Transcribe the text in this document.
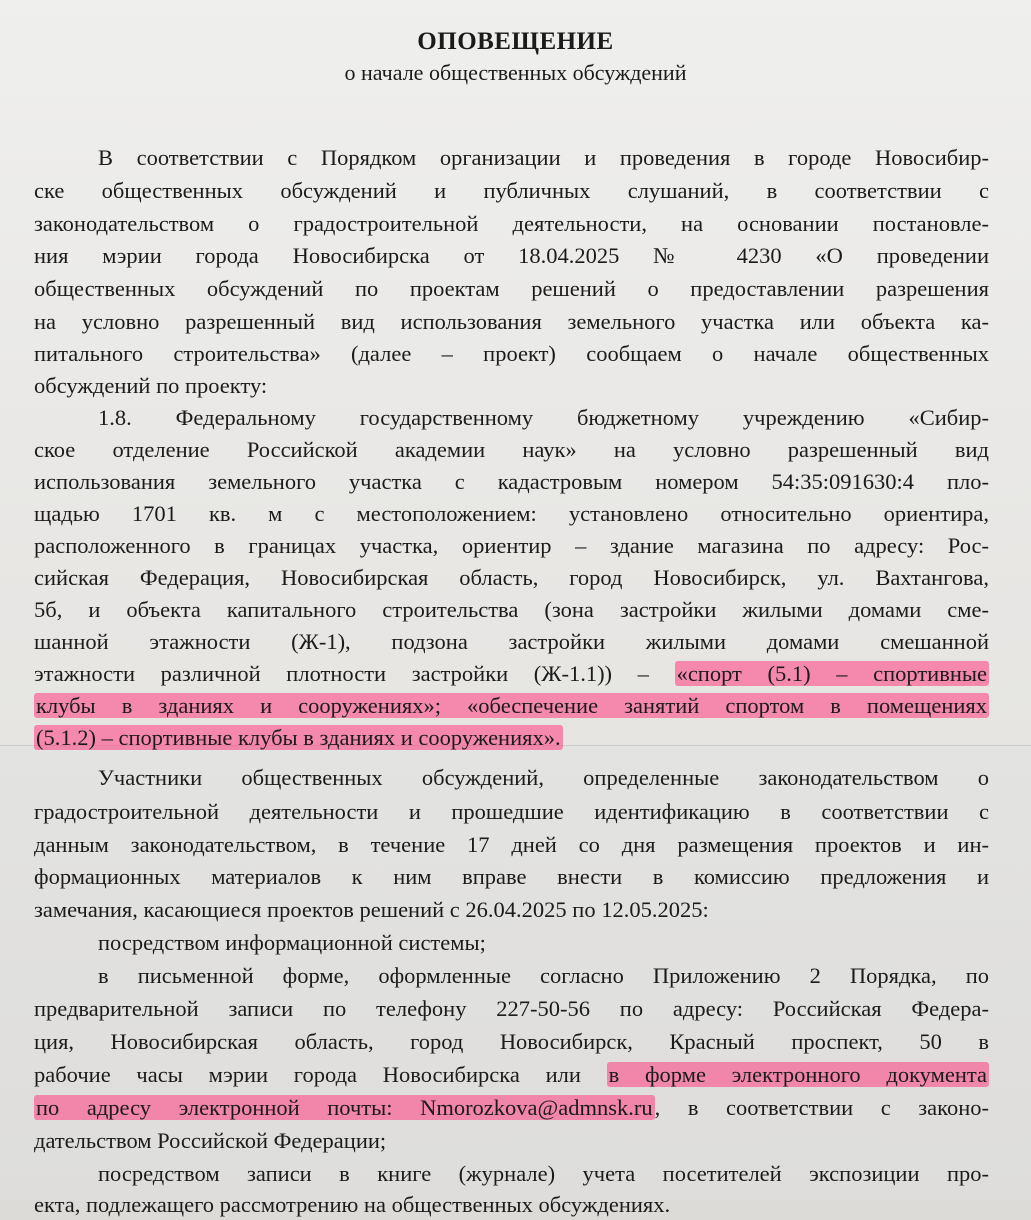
ОПОВЕЩЕНИЕ
о начале общественных обсуждений
В соответствии с Порядком организации и проведения в городе Новосибир-
ске общественных обсуждений и публичных слушаний, в соответствии с
законодательством о градостроительной деятельности, на основании постановле-
ния мэрии города Новосибирска от 18.04.2025 № 4230 «О проведении
общественных обсуждений по проектам решений о предоставлении разрешения
на условно разрешенный вид использования земельного участка или объекта ка-
питального строительства» (далее – проект) сообщаем о начале общественных
обсуждений по проекту:
1.8. Федеральному государственному бюджетному учреждению «Сибир-
ское отделение Российской академии наук» на условно разрешенный вид
использования земельного участка с кадастровым номером 54:35:091630:4 пло-
щадью 1701 кв. м с местоположением: установлено относительно ориентира,
расположенного в границах участка, ориентир – здание магазина по адресу: Рос-
сийская Федерация, Новосибирская область, город Новосибирск, ул. Вахтангова,
5б, и объекта капитального строительства (зона застройки жилыми домами сме-
шанной этажности (Ж-1), подзона застройки жилыми домами смешанной
этажности различной плотности застройки (Ж-1.1)) – «спорт (5.1) – спортивные
клубы в зданиях и сооружениях»; «обеспечение занятий спортом в помещениях
(5.1.2) – спортивные клубы в зданиях и сооружениях».
Участники общественных обсуждений, определенные законодательством о
градостроительной деятельности и прошедшие идентификацию в соответствии с
данным законодательством, в течение 17 дней со дня размещения проектов и ин-
формационных материалов к ним вправе внести в комиссию предложения и
замечания, касающиеся проектов решений с 26.04.2025 по 12.05.2025:
посредством информационной системы;
в письменной форме, оформленные согласно Приложению 2 Порядка, по
предварительной записи по телефону 227-50-56 по адресу: Российская Федера-
ция, Новосибирская область, город Новосибирск, Красный проспект, 50 в
рабочие часы мэрии города Новосибирска или в форме электронного документа
по адресу электронной почты: Nmorozkova@admnsk.ru, в соответствии с законо-
дательством Российской Федерации;
посредством записи в книге (журнале) учета посетителей экспозиции про-
екта, подлежащего рассмотрению на общественных обсуждениях.
